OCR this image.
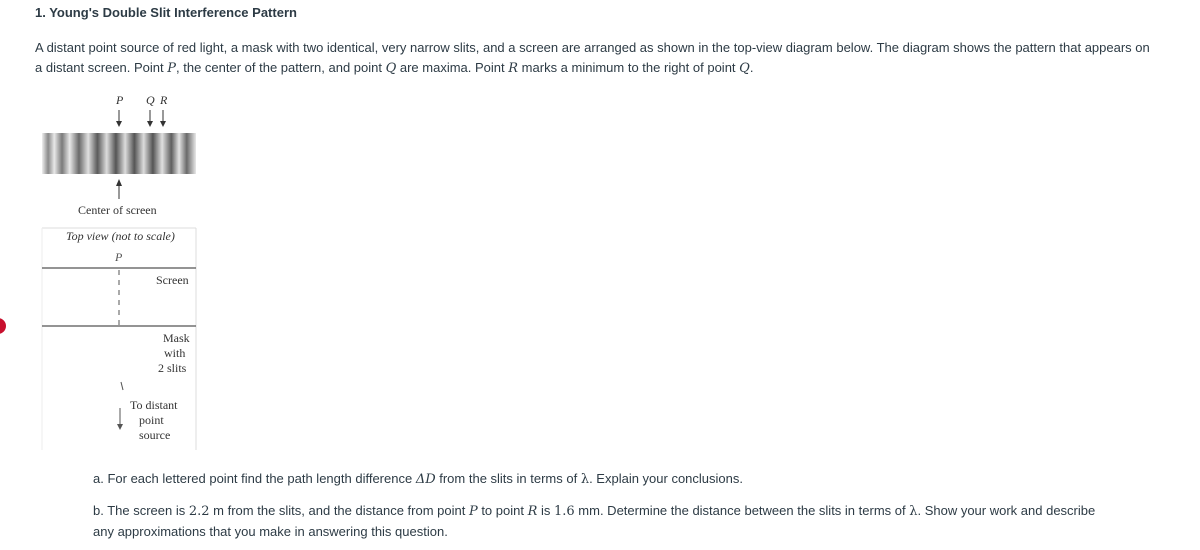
1. Young's Double Slit Interference Pattern
A distant point source of red light, a mask with two identical, very narrow slits, and a screen are arranged as shown in the top-view diagram below. The diagram shows the pattern that appears on a distant screen. Point P, the center of the pattern, and point Q are maxima. Point R marks a minimum to the right of point Q.
P Q R
Center of screen
Top view (not to scale)
P
Screen
Mask
with
2 slits
To distant
point
source
a. For each lettered point find the path length difference ΔD from the slits in terms of λ. Explain your conclusions.
b. The screen is 2.2 m from the slits, and the distance from point P to point R is 1.6 mm. Determine the distance between the slits in terms of λ. Show your work and describe any approximations that you make in answering this question.
